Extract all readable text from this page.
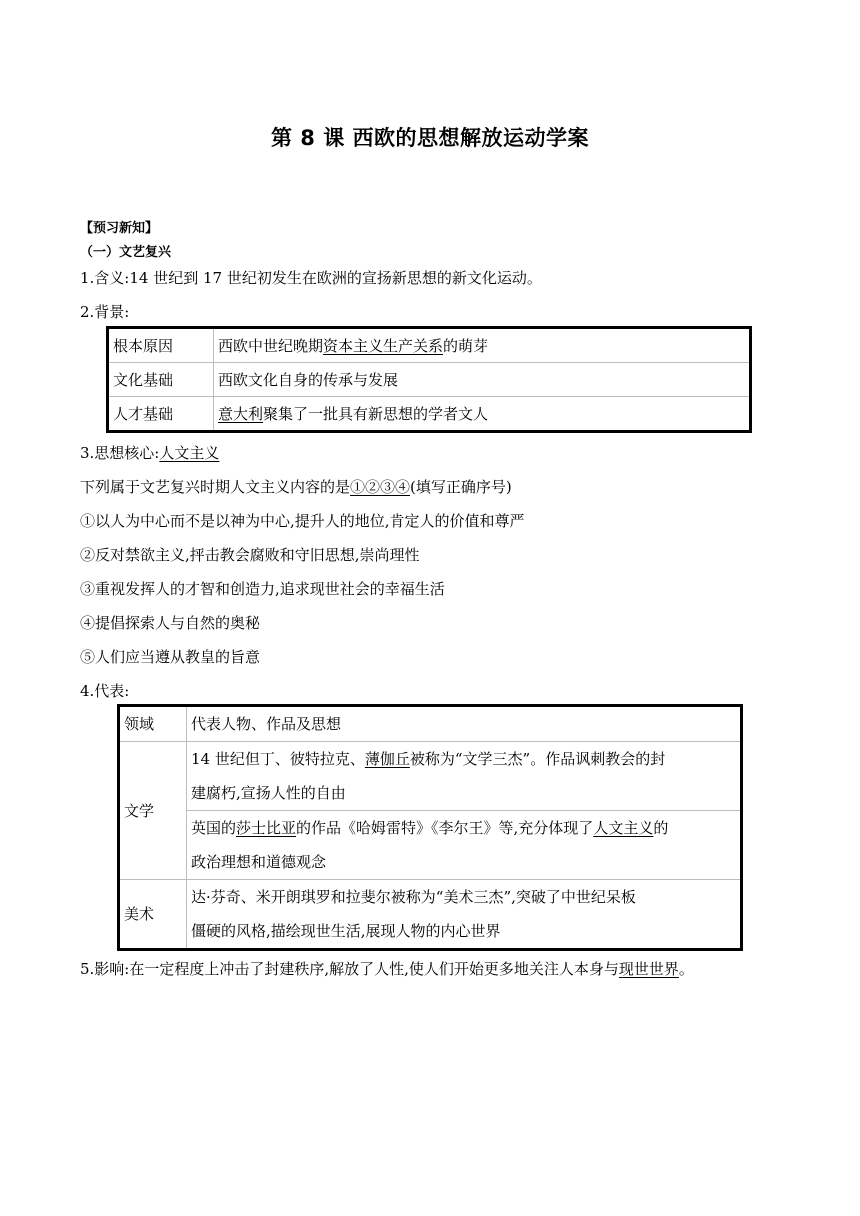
第 8 课 西欧的思想解放运动学案
【预习新知】
（一）文艺复兴
1.含义:14 世纪到 17 世纪初发生在欧洲的宣扬新思想的新文化运动。
2.背景:
根本原因	西欧中世纪晚期资本主义生产关系的萌芽
文化基础	西欧文化自身的传承与发展
人才基础	意大利聚集了一批具有新思想的学者文人
3.思想核心:人文主义
下列属于文艺复兴时期人文主义内容的是①②③④(填写正确序号)
①以人为中心而不是以神为中心,提升人的地位,肯定人的价值和尊严
②反对禁欲主义,抨击教会腐败和守旧思想,崇尚理性
③重视发挥人的才智和创造力,追求现世社会的幸福生活
④提倡探索人与自然的奥秘
⑤人们应当遵从教皇的旨意
4.代表:
领域	代表人物、作品及思想
文学	14 世纪但丁、彼特拉克、薄伽丘被称为“文学三杰”。作品讽刺教会的封
建腐朽,宣扬人性的自由
	英国的莎士比亚的作品《哈姆雷特》《李尔王》等,充分体现了人文主义的
政治理想和道德观念
美术	达·芬奇、米开朗琪罗和拉斐尔被称为“美术三杰”,突破了中世纪呆板
僵硬的风格,描绘现世生活,展现人物的内心世界
5.影响:在一定程度上冲击了封建秩序,解放了人性,使人们开始更多地关注人本身与现世世界。
